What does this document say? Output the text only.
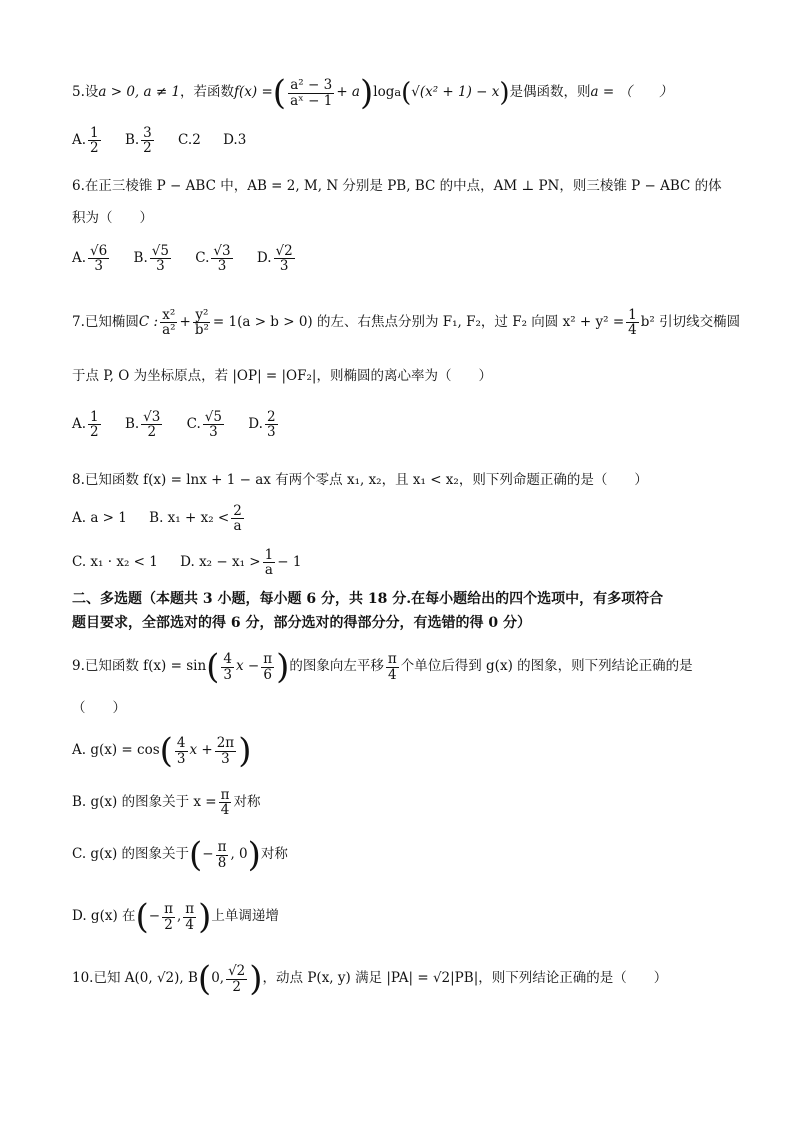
5.设 a > 0, a ≠ 1 ，若函数 f(x) = ( $\frac{\text{a² − 3}}{\text{aˣ − 1}} + a$ ) log a ( √(x² + 1) − x ) 是偶函数，则 a = （　　）
A. $\frac{1}{2}$
B. $\frac{3}{2}$
C. 2
D. 3
6.在正三棱锥 P − ABC 中，AB = 2, M, N 分别是 PB, BC 的中点，AM ⊥ PN，则三棱锥 P − ABC 的体
积为（　　）
A. $\frac{√6}{3}$
B. $\frac{√5}{3}$
C. $\frac{√3}{3}$
D. $\frac{√2}{3}$
7.已知椭圆 C : $\frac{\text{x²}}{\text{a²}} + \frac{\text{y²}}{\text{b²}} = 1(a > b > 0)$ 的左、右焦点分别为 F₁, F₂，过 F₂ 向圆 $x^2 + y^2 = \frac{1}{4} b^2$ 引切线交椭圆
于点 P, O 为坐标原点，若 |OP| = |OF₂|，则椭圆的离心率为（　　）
A. $\frac{1}{2}$
B. $\frac{√3}{2}$
C. $\frac{√5}{3}$
D. $\frac{2}{3}$
8.已知函数 f(x) = lnx + 1 − ax 有两个零点 x₁, x₂，且 x₁ < x₂，则下列命题正确的是（　　）
A. a > 1
B. $x_1 + x_2 < \frac{2}{a}$
C. x₁ · x₂ < 1
D. $x_2 - x_1 > \frac{1}{a} - 1$
二、多选题（本题共 3 小题，每小题 6 分，共 18 分.在每小题给出的四个选项中，有多项符合
题目要求，全部选对的得 6 分，部分选对的得部分分，有选错的得 0 分）
9.已知函数 f(x) = sin ( $\frac{4}{3}$ $x - \frac{\pi}{6}$ ) 的图象向左平移 $\frac{\pi}{4}$ 个单位后得到 g(x) 的图象，则下列结论正确的是
（　　）
A. g(x) = cos ( $\frac{4}{3}$ $x + \frac{2\pi}{3}$ )
B. g(x) 的图象关于 $x = \frac{\pi}{4}$ 对称
C. g(x) 的图象关于 ( − $\frac{\pi}{8}$ , 0 ) 对称
D. g(x) 在 ( − $\frac{\pi}{2}$ , $\frac{\pi}{4}$ ) 上单调递增
10.已知 A(0, √2), B ( 0, $\frac{√2}{2}$ ) ，动点 P(x, y) 满足 |PA| = √2|PB|，则下列结论正确的是（　　）
